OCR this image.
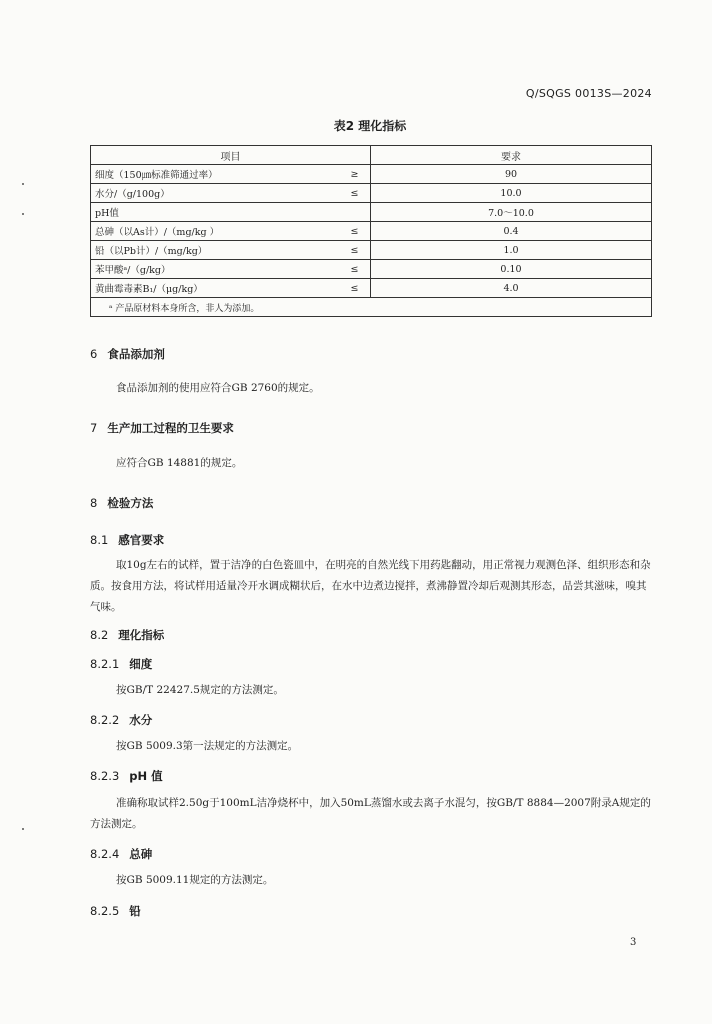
Q/SQGS 0013S—2024
表2 理化指标
项目		要求
细度（150㎛标准筛通过率）	≥	90
水分/（g/100g）	≤	10.0
pH值		7.0～10.0
总砷（以As计）/（mg/kg ）	≤	0.4
铅（以Pb计）/（mg/kg）	≤	1.0
苯甲酸ᵃ/（g/kg）	≤	0.10
黄曲霉毒素B₁/（μg/kg）	≤	4.0
ᵃ 产品原材料本身所含，非人为添加。		
6 食品添加剂
食品添加剂的使用应符合GB 2760的规定。
7 生产加工过程的卫生要求
应符合GB 14881的规定。
8 检验方法
8.1 感官要求
取10g左右的试样，置于洁净的白色瓷皿中，在明亮的自然光线下用药匙翻动，用正常视力观测色泽、组织形态和杂质。按食用方法，将试样用适量冷开水调成糊状后，在水中边煮边搅拌，煮沸静置冷却后观测其形态，品尝其滋味，嗅其气味。
8.2 理化指标
8.2.1 细度
按GB/T 22427.5规定的方法测定。
8.2.2 水分
按GB 5009.3第一法规定的方法测定。
8.2.3 pH 值
准确称取试样2.50g于100mL洁净烧杯中，加入50mL蒸馏水或去离子水混匀，按GB/T 8884—2007附录A规定的方法测定。
8.2.4 总砷
按GB 5009.11规定的方法测定。
8.2.5 铅
3
